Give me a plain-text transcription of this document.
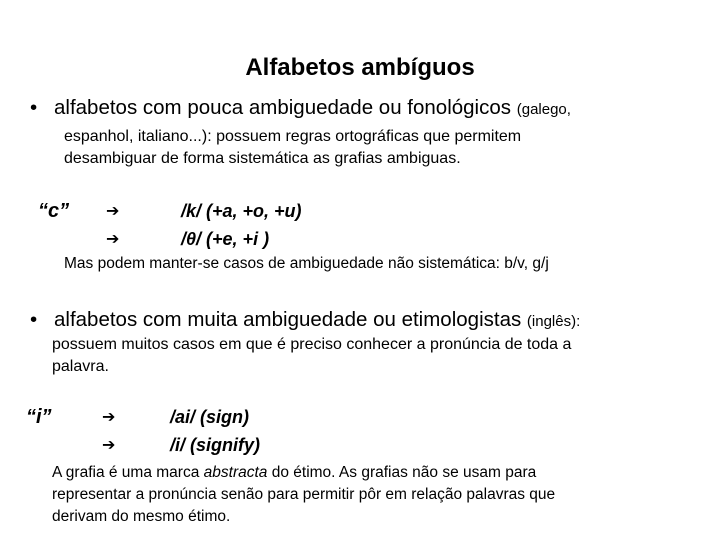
Alfabetos ambíguos
• alfabetos com pouca ambiguedade ou fonológicos (galego,
espanhol, italiano...): possuem regras ortográficas que permitem
desambiguar de forma sistemática as grafias ambiguas.
“c” ➔	/k/ (+a, +o, +u)
➔	/θ/ (+e, +i )
Mas podem manter-se casos de ambiguedade não sistemática: b/v, g/j
• alfabetos com muita ambiguedade ou etimologistas (inglês):
possuem muitos casos em que é preciso conhecer a pronúncia de toda a
palavra.
“i”	➔	/ai/ (sign)
➔	/i/ (signify)
A grafia é uma marca abstracta do étimo. As grafias não se usam para
representar a pronúncia senão para permitir pôr em relação palavras que
derivam do mesmo étimo.
